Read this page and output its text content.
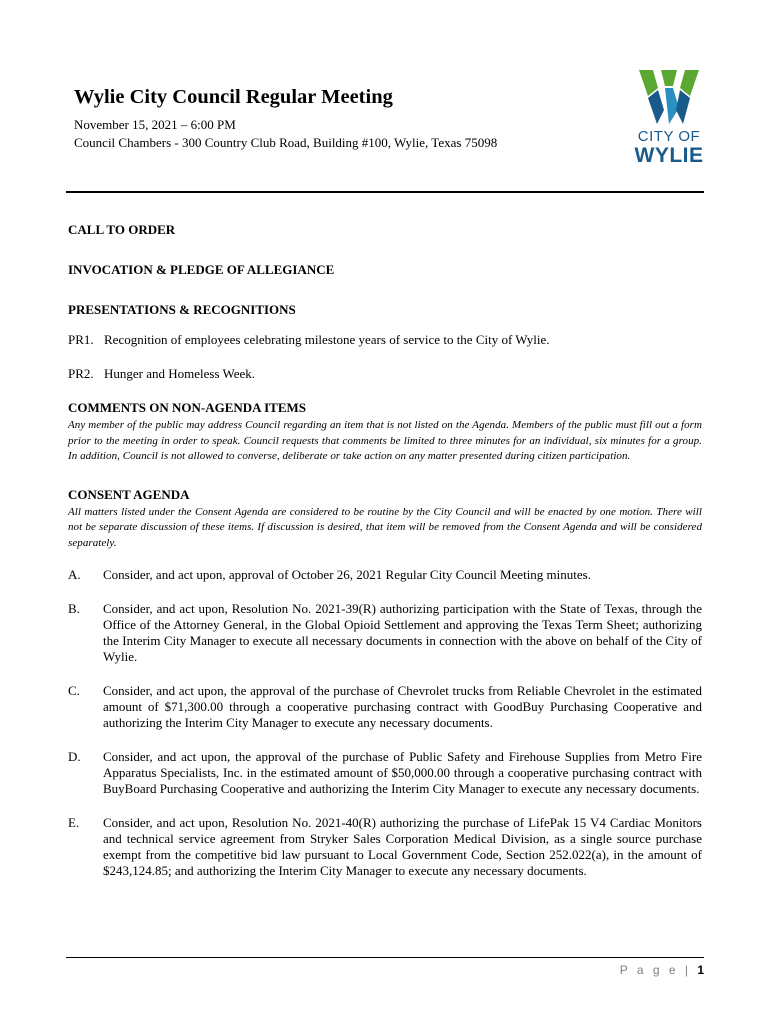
Wylie City Council Regular Meeting

November 15, 2021 – 6:00 PM

Council Chambers - 300 Country Club Road, Building #100, Wylie, Texas 75098	CITY OF
WYLIE

CALL TO ORDER

INVOCATION & PLEDGE OF ALLEGIANCE

PRESENTATIONS & RECOGNITIONS

PR1. Recognition of employees celebrating milestone years of service to the City of Wylie.

PR2. Hunger and Homeless Week.

COMMENTS ON NON-AGENDA ITEMS

Any member of the public may address Council regarding an item that is not listed on the Agenda. Members of the public must fill out a form prior to the meeting in order to speak. Council requests that comments be limited to three minutes for an individual, six minutes for a group. In addition, Council is not allowed to converse, deliberate or take action on any matter presented during citizen participation.

CONSENT AGENDA

All matters listed under the Consent Agenda are considered to be routine by the City Council and will be enacted by one motion. There will not be separate discussion of these items. If discussion is desired, that item will be removed from the Consent Agenda and will be considered separately.

A.	Consider, and act upon, approval of October 26, 2021 Regular City Council Meeting minutes.
B.	Consider, and act upon, Resolution No. 2021-39(R) authorizing participation with the State of Texas, through the Office of the Attorney General, in the Global Opioid Settlement and approving the Texas Term Sheet; authorizing the Interim City Manager to execute all necessary documents in connection with the above on behalf of the City of Wylie.
C.	Consider, and act upon, the approval of the purchase of Chevrolet trucks from Reliable Chevrolet in the estimated amount of $71,300.00 through a cooperative purchasing contract with GoodBuy Purchasing Cooperative and authorizing the Interim City Manager to execute any necessary documents.
D.	Consider, and act upon, the approval of the purchase of Public Safety and Firehouse Supplies from Metro Fire Apparatus Specialists, Inc. in the estimated amount of $50,000.00 through a cooperative purchasing contract with BuyBoard Purchasing Cooperative and authorizing the Interim City Manager to execute any necessary documents.
E.	Consider, and act upon, Resolution No. 2021-40(R) authorizing the purchase of LifePak 15 V4 Cardiac Monitors and technical service agreement from Stryker Sales Corporation Medical Division, as a single source purchase exempt from the competitive bid law pursuant to Local Government Code, Section 252.022(a), in the amount of $243,124.85; and authorizing the Interim City Manager to execute any necessary documents.
P a g e | 1
